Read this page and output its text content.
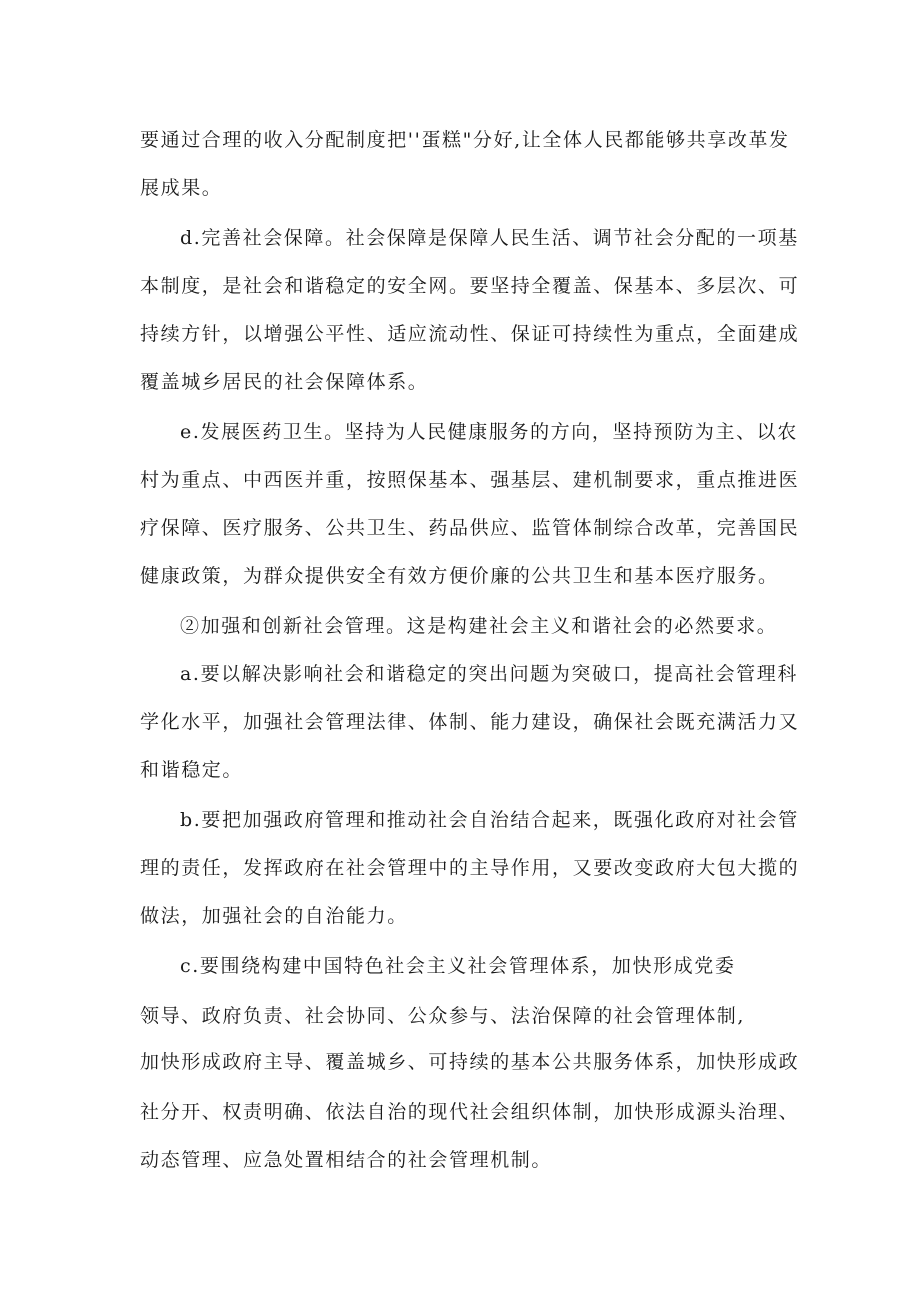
要通过合理的收入分配制度把''蛋糕"分好,让全体人民都能够共享改革发
展成果。
d.完善社会保障。社会保障是保障人民生活、调节社会分配的一项基
本制度，是社会和谐稳定的安全网。要坚持全覆盖、保基本、多层次、可
持续方针，以增强公平性、适应流动性、保证可持续性为重点，全面建成
覆盖城乡居民的社会保障体系。
e.发展医药卫生。坚持为人民健康服务的方向，坚持预防为主、以农
村为重点、中西医并重，按照保基本、强基层、建机制要求，重点推进医
疗保障、医疗服务、公共卫生、药品供应、监管体制综合改革，完善国民
健康政策，为群众提供安全有效方便价廉的公共卫生和基本医疗服务。
②加强和创新社会管理。这是构建社会主义和谐社会的必然要求。
a.要以解决影响社会和谐稳定的突出问题为突破口，提高社会管理科
学化水平，加强社会管理法律、体制、能力建设，确保社会既充满活力又
和谐稳定。
b.要把加强政府管理和推动社会自治结合起来，既强化政府对社会管
理的责任，发挥政府在社会管理中的主导作用，又要改变政府大包大揽的
做法，加强社会的自治能力。
c.要围绕构建中国特色社会主义社会管理体系，加快形成党委
领导、政府负责、社会协同、公众参与、法治保障的社会管理体制,
加快形成政府主导、覆盖城乡、可持续的基本公共服务体系，加快形成政
社分开、权责明确、依法自治的现代社会组织体制，加快形成源头治理、
动态管理、应急处置相结合的社会管理机制。
